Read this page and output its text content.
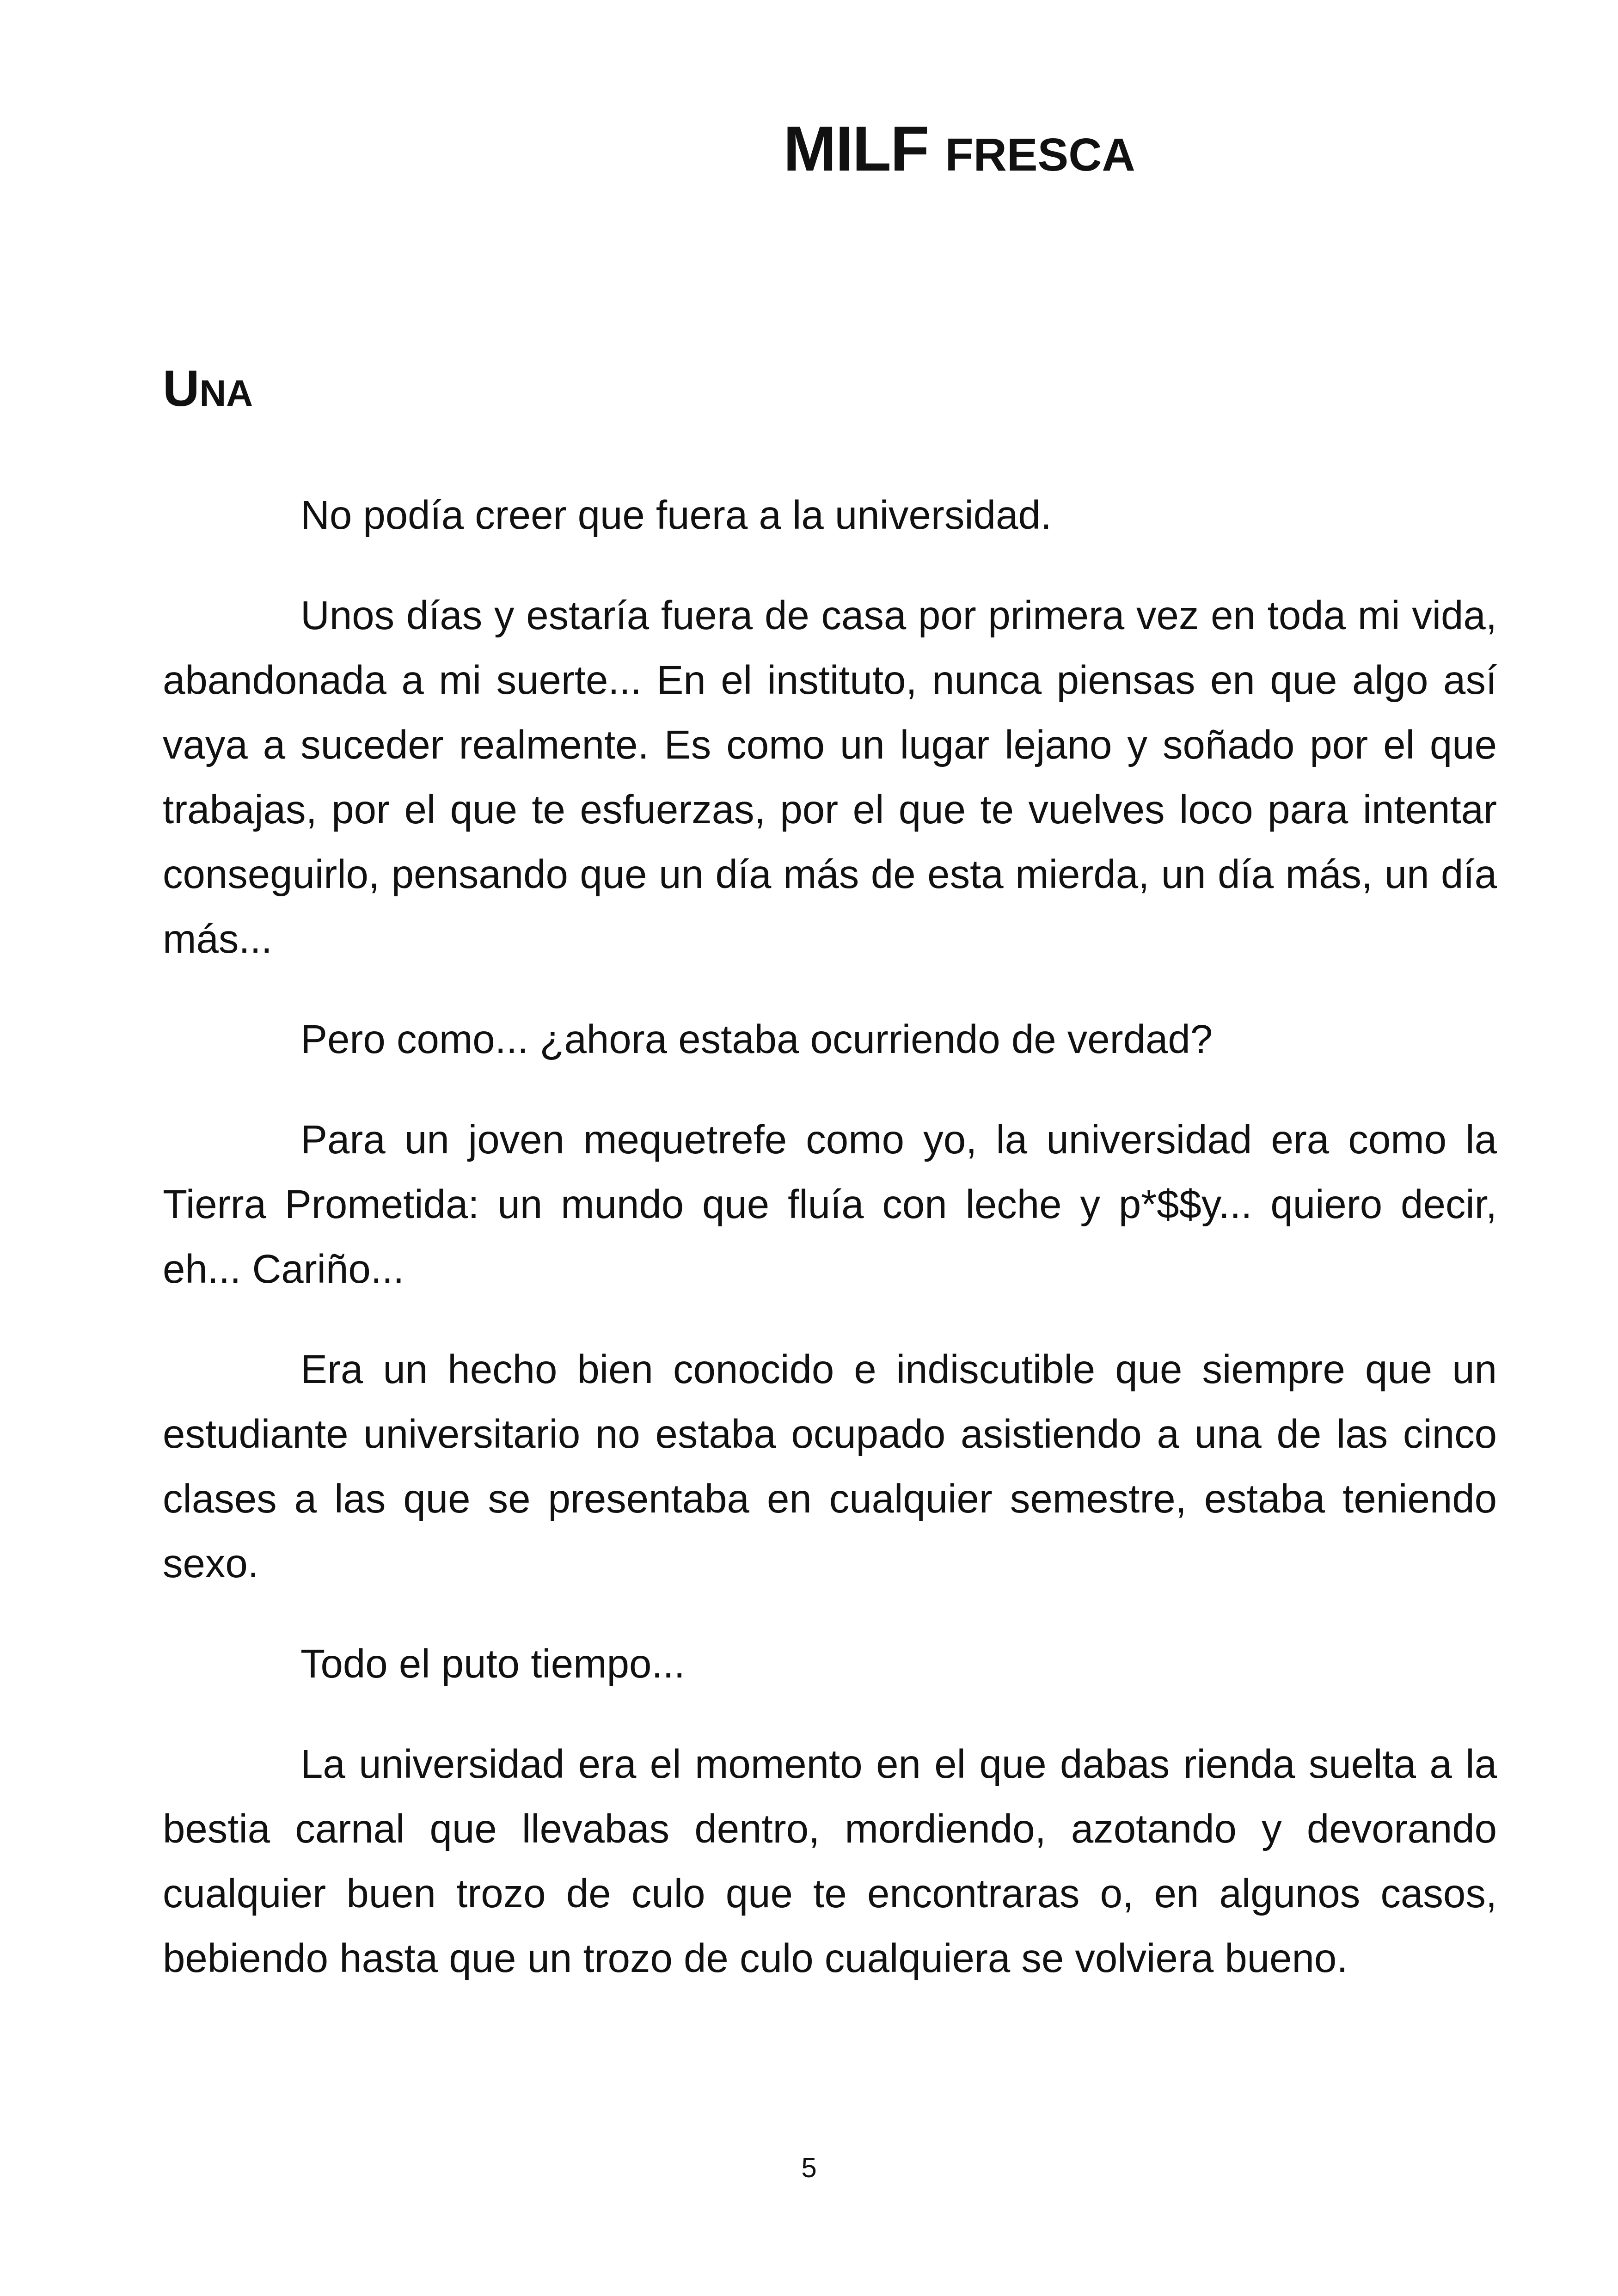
MILF FRESCA
UNA

No podía creer que fuera a la universidad.

Unos días y estaría fuera de casa por primera vez en toda mi vida, abandonada a mi suerte... En el instituto, nunca piensas en que algo así vaya a suceder realmente. Es como un lugar lejano y soñado por el que trabajas, por el que te esfuerzas, por el que te vuelves loco para intentar conseguirlo, pensando que un día más de esta mierda, un día más, un día más...

Pero como... ¿ahora estaba ocurriendo de verdad?

Para un joven mequetrefe como yo, la universidad era como la Tierra Prometida: un mundo que fluía con leche y p*$$y... quiero decir, eh... Cariño...

Era un hecho bien conocido e indiscutible que siempre que un estudiante universitario no estaba ocupado asistiendo a una de las cinco clases a las que se presentaba en cualquier semestre, estaba teniendo sexo.

Todo el puto tiempo...

La universidad era el momento en el que dabas rienda suelta a la bestia carnal que llevabas dentro, mordiendo, azotando y devorando cualquier buen trozo de culo que te encontraras o, en algunos casos, bebiendo hasta que un trozo de culo cualquiera se volviera bueno.

5
